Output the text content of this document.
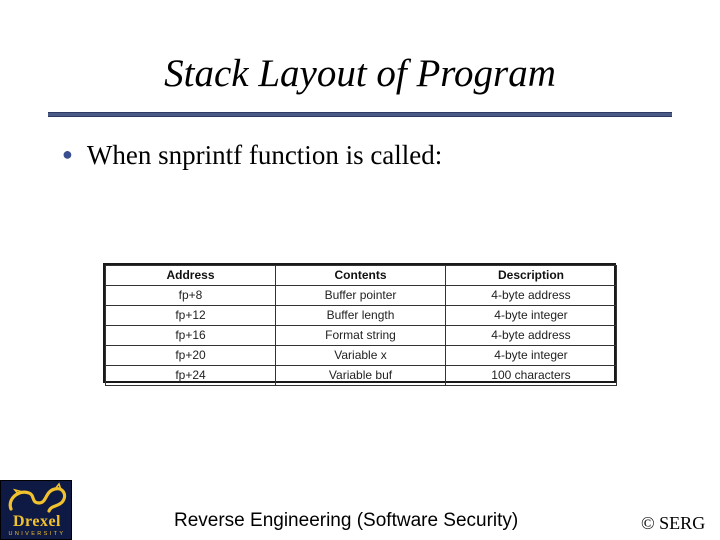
Stack Layout of Program
● When snprintf function is called:
Address	Contents	Description
fp+8	Buffer pointer	4-byte address
fp+12	Buffer length	4-byte integer
fp+16	Format string	4-byte address
fp+20	Variable x	4-byte integer
fp+24	Variable buf	100 characters
Drexel
UNIVERSITY
Reverse Engineering (Software Security)	© SERG
